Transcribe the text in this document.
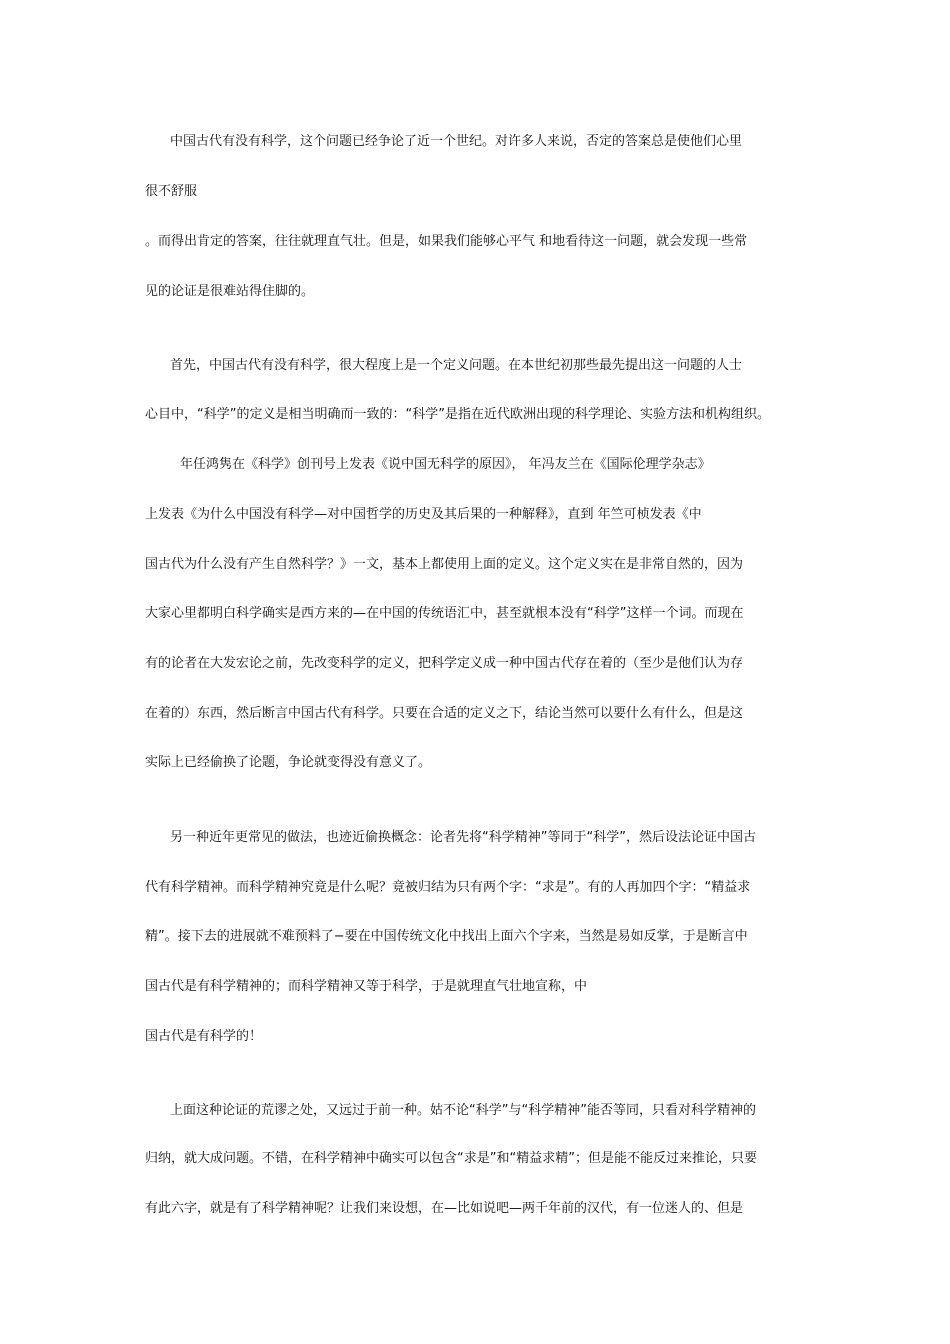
中国古代有没有科学，这个问题已经争论了近一个世纪。对许多人来说，否定的答案总是使他们心里
很不舒服
。而得出肯定的答案，往往就理直气壮。但是，如果我们能够心平气 和地看待这一问题，就会发现一些常
见的论证是很难站得住脚的。
首先，中国古代有没有科学，很大程度上是一个定义问题。在本世纪初那些最先提出这一问题的人士
心目中，“科学”的定义是相当明确而一致的：“科学”是指在近代欧洲出现的科学理论、实验方法和机构组织。
年任鸿隽在《科学》创刊号上发表《说中国无科学的原因》， 年冯友兰在《国际伦理学杂志》
上发表《为什么中国没有科学—对中国哲学的历史及其后果的一种解释》，直到 年竺可桢发表《中
国古代为什么没有产生自然科学？》一文，基本上都使用上面的定义。这个定义实在是非常自然的，因为
大家心里都明白科学确实是西方来的—在中国的传统语汇中，甚至就根本没有“科学”这样一个词。而现在
有的论者在大发宏论之前，先改变科学的定义，把科学定义成一种中国古代存在着的（至少是他们认为存
在着的）东西，然后断言中国古代有科学。只要在合适的定义之下，结论当然可以要什么有什么，但是这
实际上已经偷换了论题，争论就变得没有意义了。
另一种近年更常见的做法，也迹近偷换概念：论者先将“科学精神”等同于“科学”，然后设法论证中国古
代有科学精神。而科学精神究竟是什么呢？竟被归结为只有两个字：“求是”。有的人再加四个字：“精益求
精”。接下去的进展就不难预料了−要在中国传统文化中找出上面六个字来，当然是易如反掌，于是断言中
国古代是有科学精神的；而科学精神又等于科学，于是就理直气壮地宣称，中
国古代是有科学的！
上面这种论证的荒谬之处，又远过于前一种。姑不论“科学”与“科学精神”能否等同，只看对科学精神的
归纳，就大成问题。不错，在科学精神中确实可以包含“求是”和“精益求精”；但是能不能反过来推论，只要
有此六字，就是有了科学精神呢？让我们来设想，在—比如说吧—两千年前的汉代，有一位迷人的、但是
